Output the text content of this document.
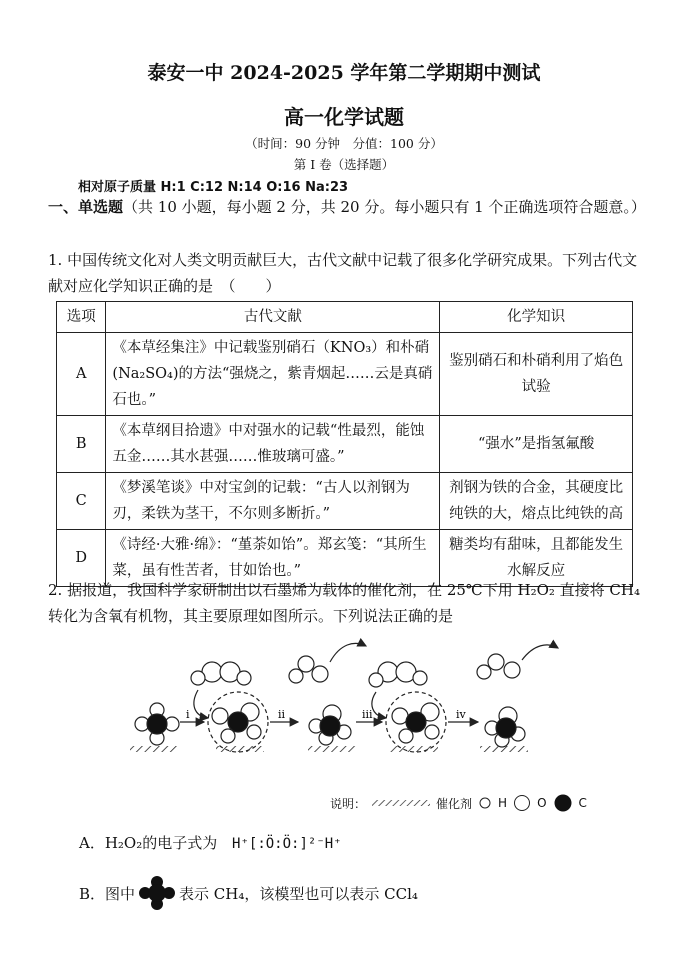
泰安一中 2024-2025 学年第二学期期中测试
高一化学试题
（时间：90 分钟　分值：100 分）
第 I 卷（选择题）
相对原子质量 H:1 C:12 N:14 O:16 Na:23
一、单选题（共 10 小题，每小题 2 分，共 20 分。每小题只有 1 个正确选项符合题意。）
1. 中国传统文化对人类文明贡献巨大，古代文献中记载了很多化学研究成果。下列古代文献对应化学知识正确的是　（　　）
选项	古代文献	化学知识
A	《本草经集注》中记载鉴别硝石（KNO₃）和朴硝(Na₂SO₄)的方法“强烧之，紫青烟起……云是真硝石也。”	鉴别硝石和朴硝利用了焰色试验
B	《本草纲目拾遗》中对强水的记载“性最烈，能蚀五金……其水甚强……惟玻璃可盛。”	“强水”是指氢氟酸
C	《梦溪笔谈》中对宝剑的记载：“古人以剂钢为刃，柔铁为茎干，不尔则多断折。”	剂钢为铁的合金，其硬度比纯铁的大，熔点比纯铁的高
D	《诗经·大雅·绵》：“堇荼如饴”。郑玄笺：“其所生菜，虽有性苦者，甘如饴也。”	糖类均有甜味，且都能发生水解反应
2. 据报道，我国科学家研制出以石墨烯为载体的催化剂，在 25℃下用 H₂O₂ 直接将 CH₄ 转化为含氧有机物，其主要原理如图所示。下列说法正确的是
i	ii	iii	iv
说明：	催化剂 H	O	C
A．H₂O₂的电子式为 H⁺[:Ö:Ö:]²⁻H⁺
B．图中	表示 CH₄，该模型也可以表示 CCl₄
